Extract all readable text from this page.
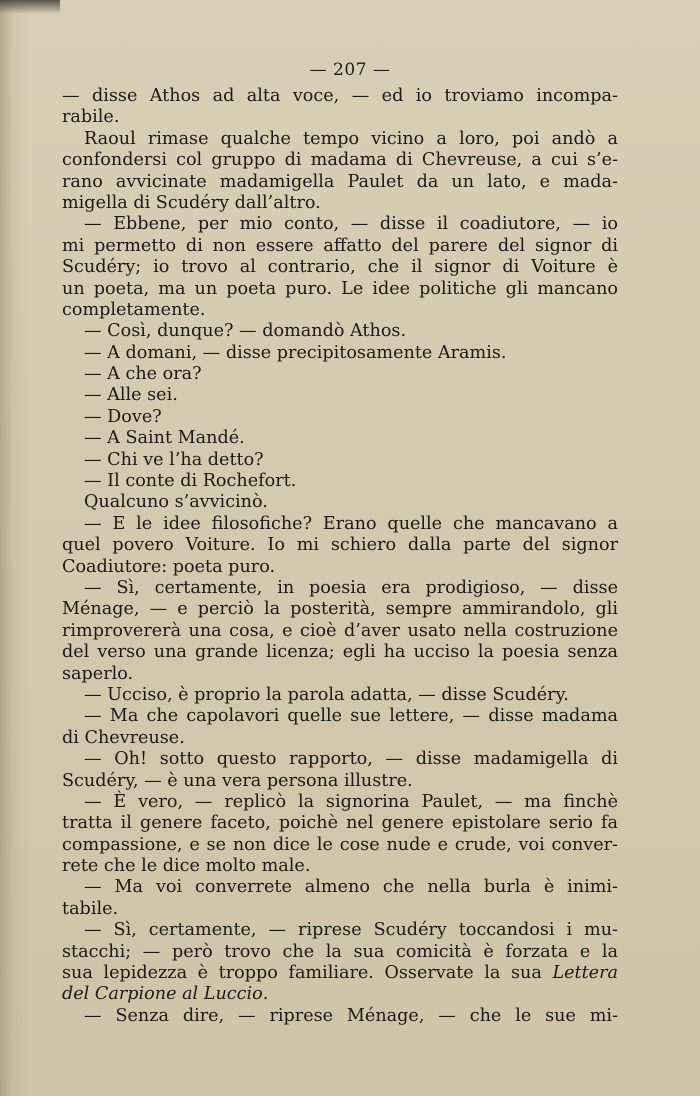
— 207 —
— disse Athos ad alta voce, — ed io troviamo incompa-
rabile.
Raoul rimase qualche tempo vicino a loro, poi andò a
confondersi col gruppo di madama di Chevreuse, a cui s’e-
rano avvicinate madamigella Paulet da un lato, e mada-
migella di Scudéry dall’altro.
— Ebbene, per mio conto, — disse il coadiutore, — io
mi permetto di non essere affatto del parere del signor di
Scudéry; io trovo al contrario, che il signor di Voiture è
un poeta, ma un poeta puro. Le idee politiche gli mancano
completamente.
— Così, dunque? — domandò Athos.
— A domani, — disse precipitosamente Aramis.
— A che ora?
— Alle sei.
— Dove?
— A Saint Mandé.
— Chi ve l’ha detto?
— Il conte di Rochefort.
Qualcuno s’avvicinò.
— E le idee filosofiche? Erano quelle che mancavano a
quel povero Voiture. Io mi schiero dalla parte del signor
Coadiutore: poeta puro.
— Sì, certamente, in poesia era prodigioso, — disse
Ménage, — e perciò la posterità, sempre ammirandolo, gli
rimprovererà una cosa, e cioè d’aver usato nella costruzione
del verso una grande licenza; egli ha ucciso la poesia senza
saperlo.
— Ucciso, è proprio la parola adatta, — disse Scudéry.
— Ma che capolavori quelle sue lettere, — disse madama
di Chevreuse.
— Oh! sotto questo rapporto, — disse madamigella di
Scudéry, — è una vera persona illustre.
— È vero, — replicò la signorina Paulet, — ma finchè
tratta il genere faceto, poichè nel genere epistolare serio fa
compassione, e se non dice le cose nude e crude, voi conver-
rete che le dice molto male.
— Ma voi converrete almeno che nella burla è inimi-
tabile.
— Sì, certamente, — riprese Scudéry toccandosi i mu-
stacchi; — però trovo che la sua comicità è forzata e la
sua lepidezza è troppo familiare. Osservate la sua Lettera
del Carpione al Luccio.
— Senza dire, — riprese Ménage, — che le sue mi-
